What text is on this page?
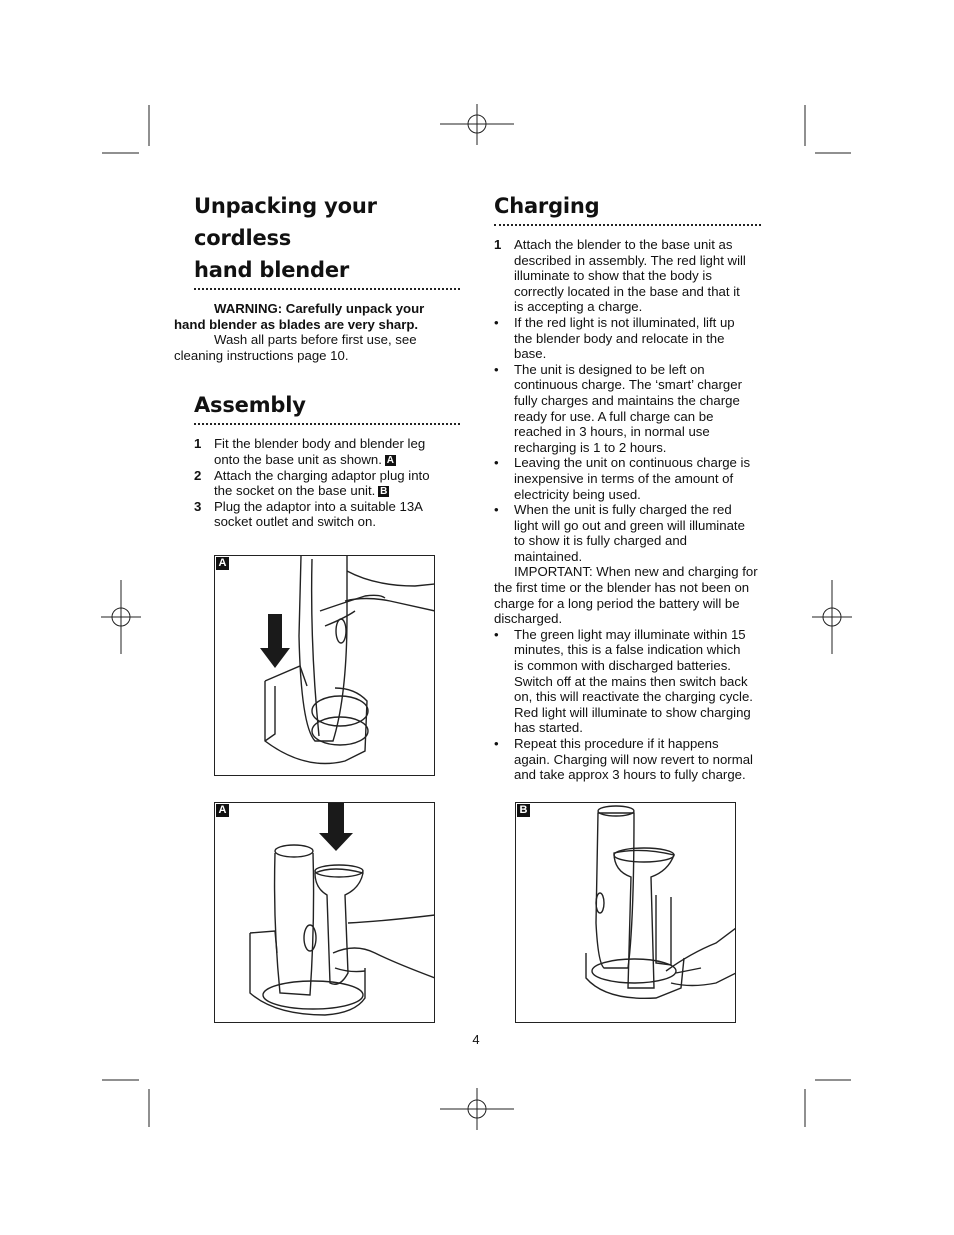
Unpacking your cordless
hand blender

WARNING: Carefully unpack your
hand blender as blades are very sharp.

Wash all parts before first use, see
cleaning instructions page 10.

Assembly
1 Fit the blender body and blender leg
onto the base unit as shown. A
2 Attach the charging adaptor plug into
the socket on the base unit. B
3 Plug the adaptor into a suitable 13A
socket outlet and switch on.
Charging
1 Attach the blender to the base unit as
described in assembly. The red light will
illuminate to show that the body is
correctly located in the base and that it
is accepting a charge.
• If the red light is not illuminated, lift up
the blender body and relocate in the
base.
• The unit is designed to be left on
continuous charge. The ‘smart’ charger
fully charges and maintains the charge
ready for use. A full charge can be
reached in 3 hours, in normal use
recharging is 1 to 2 hours.
• Leaving the unit on continuous charge is
inexpensive in terms of the amount of
electricity being used.
• When the unit is fully charged the red
light will go out and green will illuminate
to show it is fully charged and
maintained.

IMPORTANT: When new and charging for
the first time or the blender has not been on
charge for a long period the battery will be
discharged.

• The green light may illuminate within 15
minutes, this is a false indication which
is common with discharged batteries.
Switch off at the mains then switch back
on, this will reactivate the charging cycle.
Red light will illuminate to show charging
has started.
• Repeat this procedure if it happens
again. Charging will now revert to normal
and take approx 3 hours to fully charge.
A
A	B
4
